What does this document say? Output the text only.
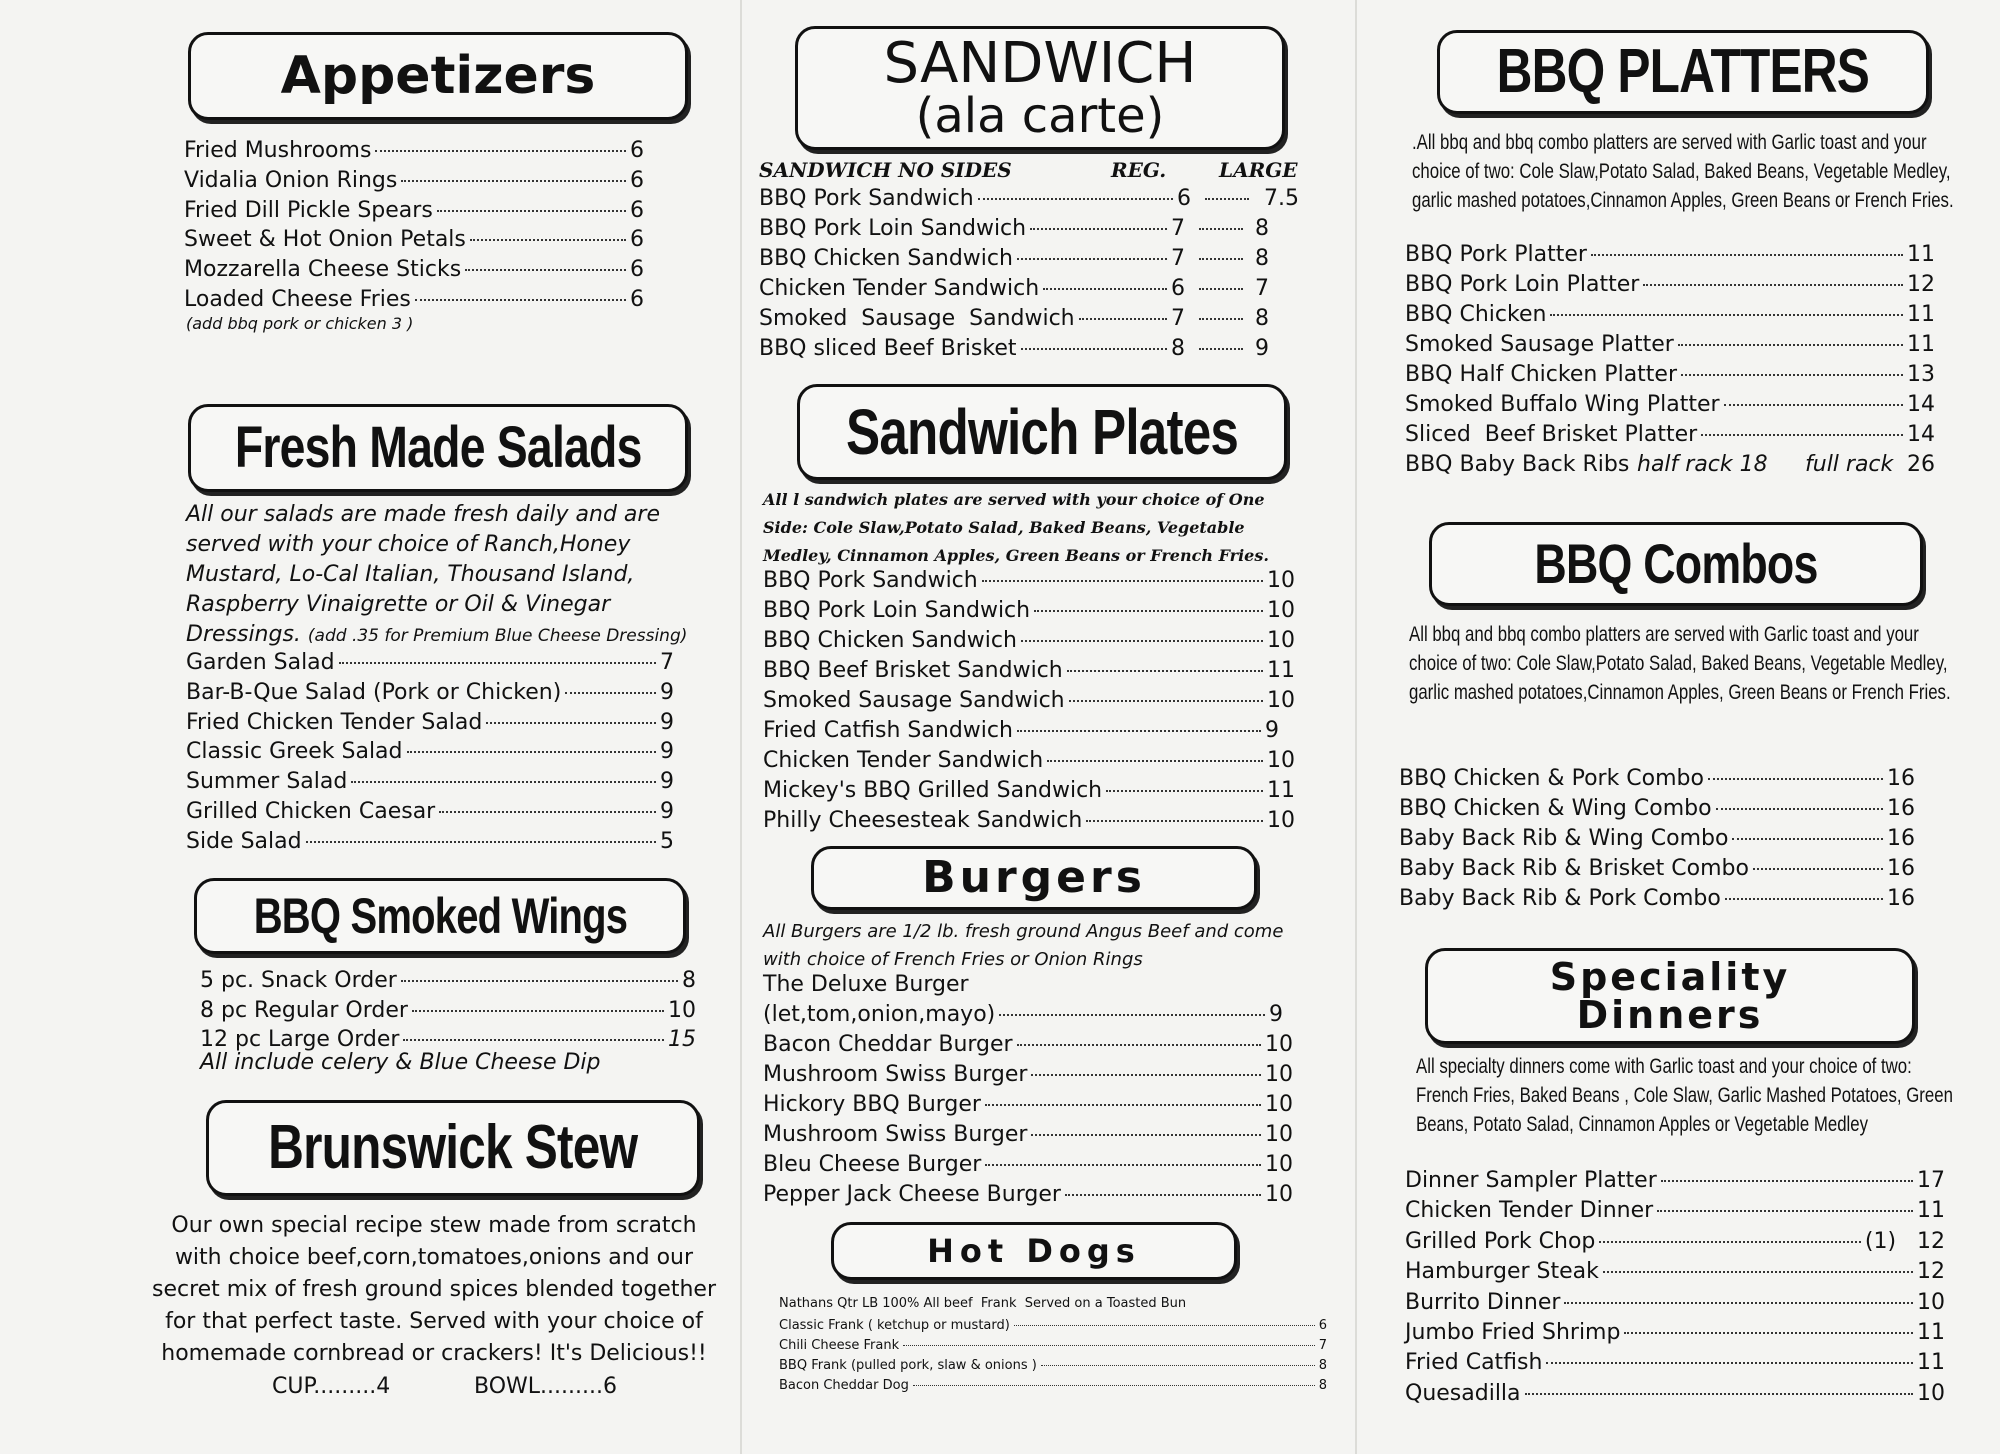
Appetizers
Fried Mushrooms	6
Vidalia Onion Rings	6
Fried Dill Pickle Spears	6
Sweet & Hot Onion Petals	6
Mozzarella Cheese Sticks	6
Loaded Cheese Fries	6
(add bbq pork or chicken 3 )
Fresh Made Salads

All our salads are made fresh daily and are served with your choice of Ranch,Honey Mustard, Lo-Cal Italian, Thousand Island, Raspberry Vinaigrette or Oil & Vinegar Dressings. (add .35 for Premium Blue Cheese Dressing)

Garden Salad	7
Bar-B-Que Salad (Pork or Chicken)	9
Fried Chicken Tender Salad	9
Classic Greek Salad	9
Summer Salad	9
Grilled Chicken Caesar	9
Side Salad	5
BBQ Smoked Wings
5 pc. Snack Order	8
8 pc Regular Order	10
12 pc Large Order	15
All include celery & Blue Cheese Dip
Brunswick Stew

Our own special recipe stew made from scratch with choice beef,corn,tomatoes,onions and our secret mix of fresh ground spices blended together for that perfect taste. Served with your choice of homemade cornbread or crackers! It's Delicious!!

CUP.........4	BOWL.........6
SANDWICH
(ala carte)
SANDWICH NO SIDES	REG.	LARGE
BBQ Pork Sandwich	6	7.5
BBQ Pork Loin Sandwich	7	8
BBQ Chicken Sandwich	7	8
Chicken Tender Sandwich	6	7
Smoked  Sausage  Sandwich	7	8
BBQ sliced Beef Brisket	8	9
Sandwich Plates

All l sandwich plates are served with your choice of One Side: Cole Slaw,Potato Salad, Baked Beans, Vegetable Medley, Cinnamon Apples, Green Beans or French Fries.

BBQ Pork Sandwich	10
BBQ Pork Loin Sandwich	10
BBQ Chicken Sandwich	10
BBQ Beef Brisket Sandwich	11
Smoked Sausage Sandwich	10
Fried Catfish Sandwich	9
Chicken Tender Sandwich	10
Mickey's BBQ Grilled Sandwich	11
Philly Cheesesteak Sandwich	10
Burgers

All Burgers are 1/2 lb. fresh ground Angus Beef and come with choice of French Fries or Onion Rings

The Deluxe Burger
(let,tom,onion,mayo)	9
Bacon Cheddar Burger	10
Mushroom Swiss Burger	10
Hickory BBQ Burger	10
Mushroom Swiss Burger	10
Bleu Cheese Burger	10
Pepper Jack Cheese Burger	10
Hot Dogs
Nathans Qtr LB 100% All beef  Frank  Served on a Toasted Bun
Classic Frank ( ketchup or mustard)	6
Chili Cheese Frank	7
BBQ Frank (pulled pork, slaw & onions )	8
Bacon Cheddar Dog	8
BBQ PLATTERS

.All bbq and bbq combo platters are served with Garlic toast and your choice of two: Cole Slaw,Potato Salad, Baked Beans, Vegetable Medley, garlic mashed potatoes,Cinnamon Apples, Green Beans or French Fries.

BBQ Pork Platter	11
BBQ Pork Loin Platter	12
BBQ Chicken	11
Smoked Sausage Platter	11
BBQ Half Chicken Platter	13
Smoked Buffalo Wing Platter	14
Sliced  Beef Brisket Platter	14
BBQ Baby Back Ribs half rack 18 full rack 26
BBQ Combos

All bbq and bbq combo platters are served with Garlic toast and your choice of two: Cole Slaw,Potato Salad, Baked Beans, Vegetable Medley, garlic mashed potatoes,Cinnamon Apples, Green Beans or French Fries.

BBQ Chicken & Pork Combo	16
BBQ Chicken & Wing Combo	16
Baby Back Rib & Wing Combo	16
Baby Back Rib & Brisket Combo	16
Baby Back Rib & Pork Combo	16
Speciality
Dinners

All specialty dinners come with Garlic toast and your choice of two: French Fries, Baked Beans , Cole Slaw, Garlic Mashed Potatoes, Green Beans, Potato Salad, Cinnamon Apples or Vegetable Medley

Dinner Sampler Platter	17
Chicken Tender Dinner	11
Grilled Pork Chop	(1)   12
Hamburger Steak	12
Burrito Dinner	10
Jumbo Fried Shrimp	11
Fried Catfish	11
Quesadilla	10
